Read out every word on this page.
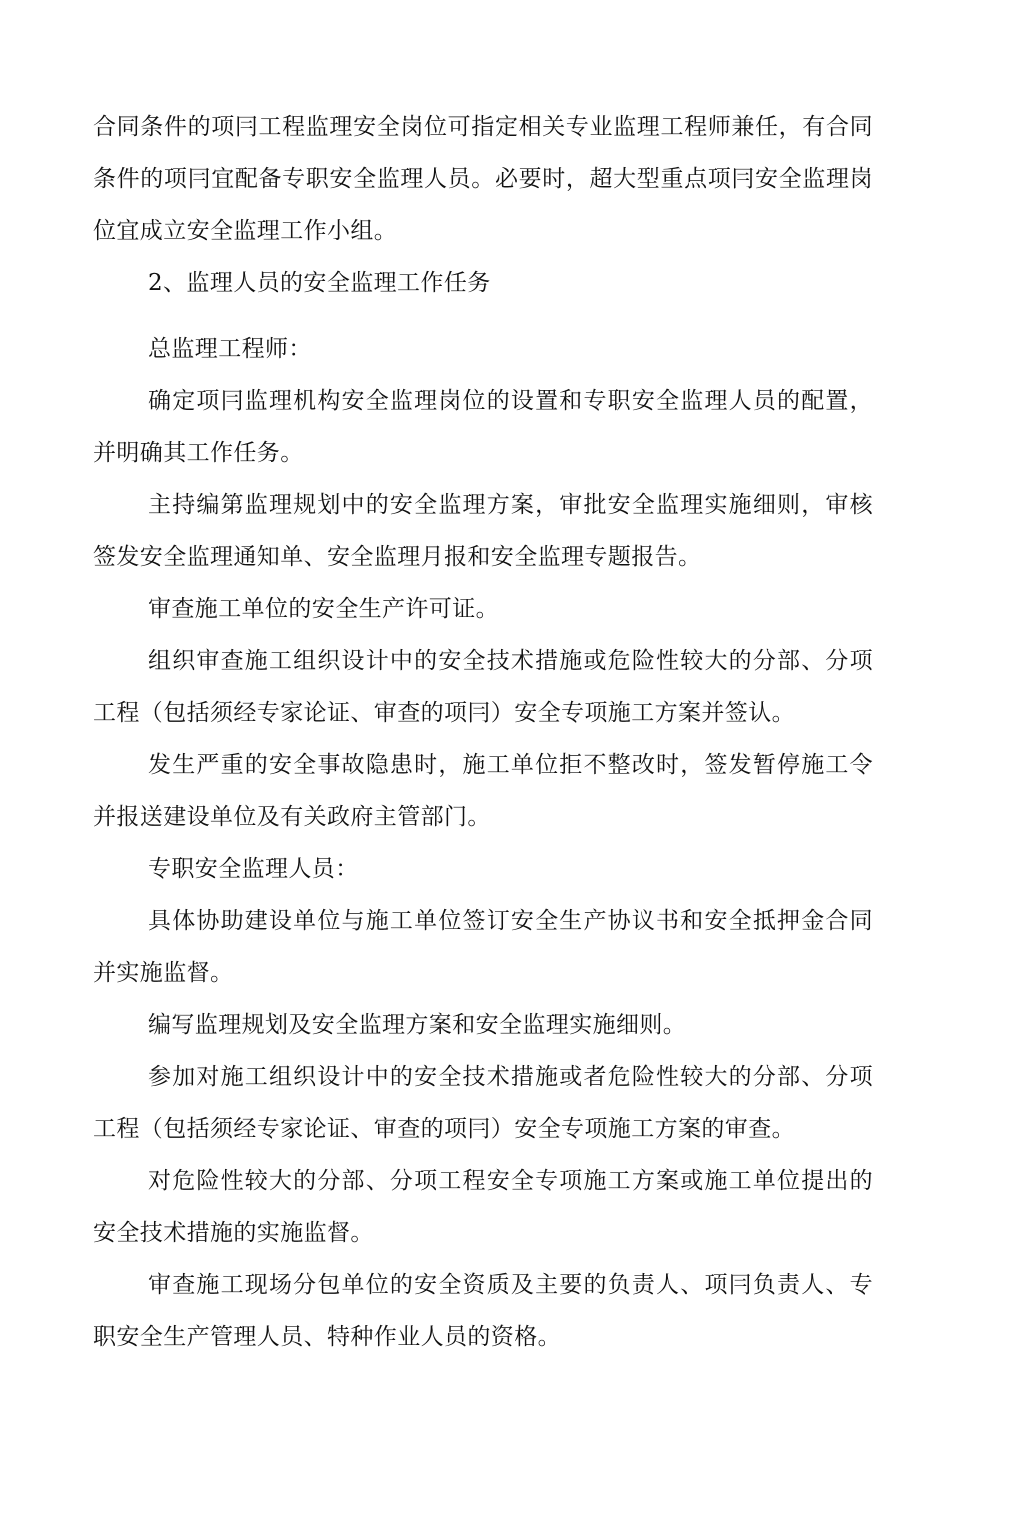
合同条件的项冃工程监理安全岗位可指定相关专业监理工程师兼任，有合同条件的项冃宜配备专职安全监理人员。必要时，超大型重点项冃安全监理岗位宜成立安全监理工作小组。

2、监理人员的安全监理工作任务

总监理工程师：

确定项冃监理机构安全监理岗位的设置和专职安全监理人员的配置，并明确其工作任务。

主持编第监理规划中的安全监理方案，审批安全监理实施细则，审核签发安全监理通知单、安全监理月报和安全监理专题报告。

审查施工单位的安全生产许可证。

组织审查施工组织设计中的安全技术措施或危险性较大的分部、分项工程（包括须经专家论证、审查的项冃）安全专项施工方案并签认。

发生严重的安全事故隐患时，施工单位拒不整改时，签发暂停施工令并报送建设单位及有关政府主管部门。

专职安全监理人员：

具体协助建设单位与施工单位签订安全生产协议书和安全抵押金合同并实施监督。

编写监理规划及安全监理方案和安全监理实施细则。

参加对施工组织设计中的安全技术措施或者危险性较大的分部、分项工程（包括须经专家论证、审查的项冃）安全专项施工方案的审查。

对危险性较大的分部、分项工程安全专项施工方案或施工单位提出的安全技术措施的实施监督。

审查施工现场分包单位的安全资质及主要的负责人、项冃负责人、专职安全生产管理人员、特种作业人员的资格。
